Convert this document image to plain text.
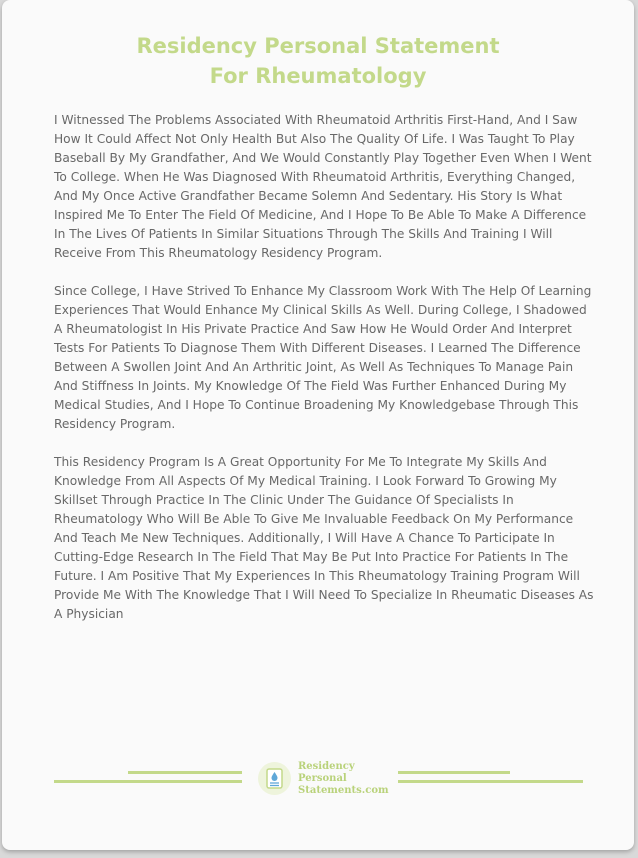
Residency Personal Statement
For Rheumatology

I Witnessed The Problems Associated With Rheumatoid Arthritis First-Hand, And I Saw How It Could Affect Not Only Health But Also The Quality Of Life. I Was Taught To Play Baseball By My Grandfather, And We Would Constantly Play Together Even When I Went To College. When He Was Diagnosed With Rheumatoid Arthritis, Everything Changed, And My Once Active Grandfather Became Solemn And Sedentary. His Story Is What Inspired Me To Enter The Field Of Medicine, And I Hope To Be Able To Make A Difference In The Lives Of Patients In Similar Situations Through The Skills And Training I Will Receive From This Rheumatology Residency Program.

Since College, I Have Strived To Enhance My Classroom Work With The Help Of Learning Experiences That Would Enhance My Clinical Skills As Well. During College, I Shadowed A Rheumatologist In His Private Practice And Saw How He Would Order And Interpret Tests For Patients To Diagnose Them With Different Diseases. I Learned The Difference Between A Swollen Joint And An Arthritic Joint, As Well As Techniques To Manage Pain And Stiffness In Joints. My Knowledge Of The Field Was Further Enhanced During My Medical Studies, And I Hope To Continue Broadening My Knowledgebase Through This Residency Program.

This Residency Program Is A Great Opportunity For Me To Integrate My Skills And Knowledge From All Aspects Of My Medical Training. I Look Forward To Growing My Skillset Through Practice In The Clinic Under The Guidance Of Specialists In Rheumatology Who Will Be Able To Give Me Invaluable Feedback On My Performance And Teach Me New Techniques. Additionally, I Will Have A Chance To Participate In Cutting-Edge Research In The Field That May Be Put Into Practice For Patients In The Future. I Am Positive That My Experiences In This Rheumatology Training Program Will Provide Me With The Knowledge That I Will Need To Specialize In Rheumatic Diseases As A Physician

Residency
Personal
Statements.com
